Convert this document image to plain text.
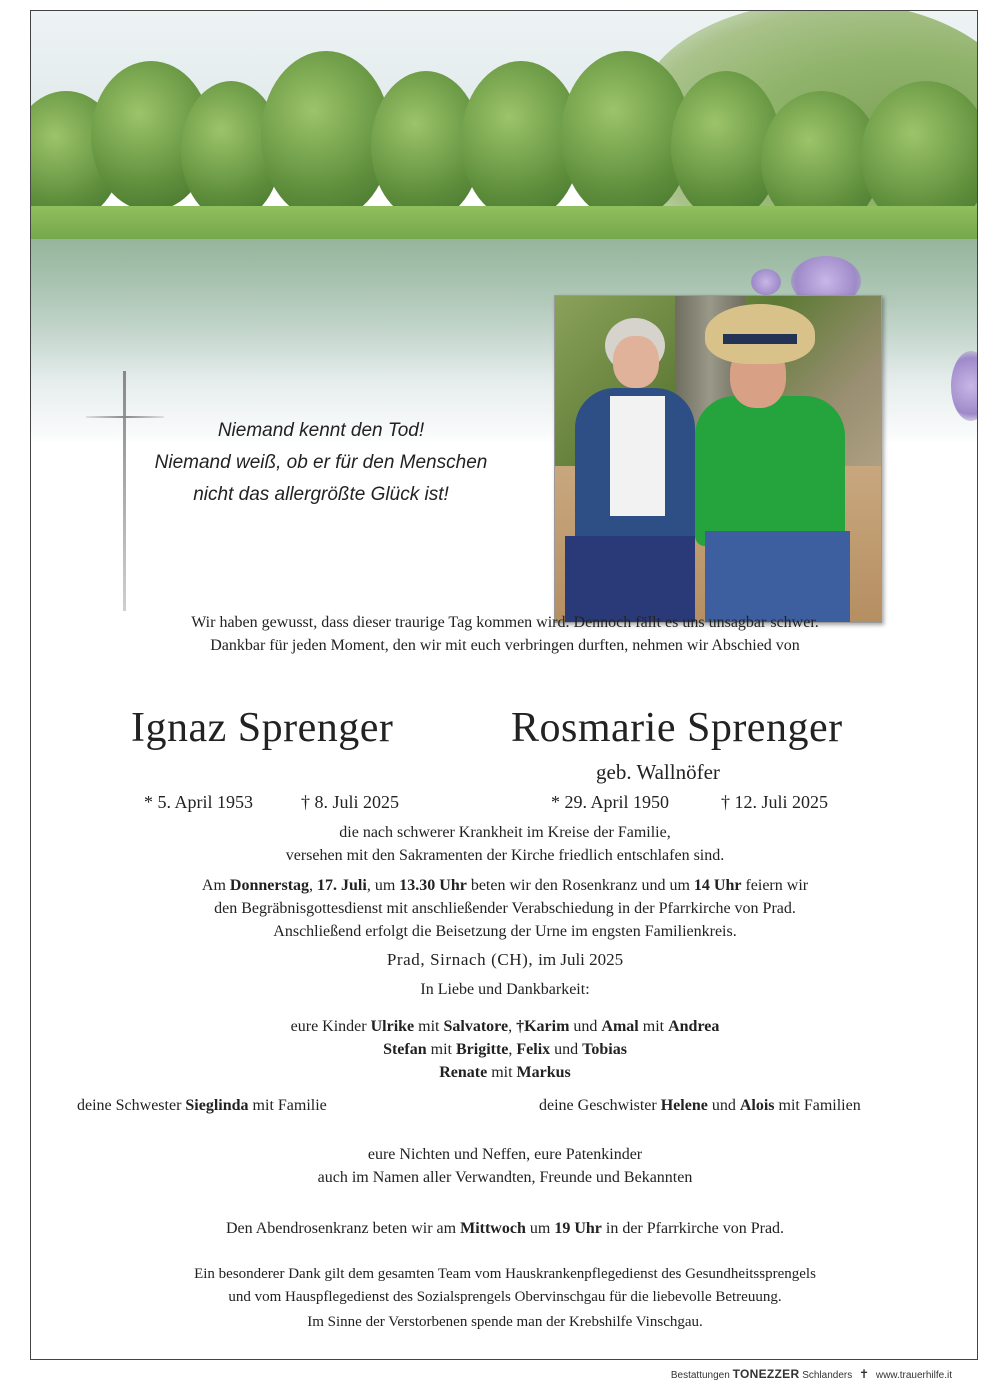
Niemand kennt den Tod!
Niemand weiß, ob er für den Menschen
nicht das allergrößte Glück ist!
Wir haben gewusst, dass dieser traurige Tag kommen wird. Dennoch fällt es uns unsagbar schwer.
Dankbar für jeden Moment, den wir mit euch verbringen durften, nehmen wir Abschied von
Ignaz Sprenger	Rosmarie Sprenger
geb. Wallnöfer
* 5. April 1953	† 8. Juli 2025	* 29. April 1950	† 12. Juli 2025
die nach schwerer Krankheit im Kreise der Familie,
versehen mit den Sakramenten der Kirche friedlich entschlafen sind.
Am Donnerstag, 17. Juli, um 13.30 Uhr beten wir den Rosenkranz und um 14 Uhr feiern wir
den Begräbnisgottesdienst mit anschließender Verabschiedung in der Pfarrkirche von Prad.
Anschließend erfolgt die Beisetzung der Urne im engsten Familienkreis.
Prad, Sirnach (CH), im Juli 2025
In Liebe und Dankbarkeit:
eure Kinder Ulrike mit Salvatore, †Karim und Amal mit Andrea
Stefan mit Brigitte, Felix und Tobias
Renate mit Markus
deine Schwester Sieglinda mit Familie	deine Geschwister Helene und Alois mit Familien
eure Nichten und Neffen, eure Patenkinder
auch im Namen aller Verwandten, Freunde und Bekannten
Den Abendrosenkranz beten wir am Mittwoch um 19 Uhr in der Pfarrkirche von Prad.
Ein besonderer Dank gilt dem gesamten Team vom Hauskrankenpflegedienst des Gesundheitssprengels
und vom Hauspflegedienst des Sozialsprengels Obervinschgau für die liebevolle Betreuung.
Im Sinne der Verstorbenen spende man der Krebshilfe Vinschgau.
Bestattungen TONEZZER Schlanders ✝︎ www.trauerhilfe.it
